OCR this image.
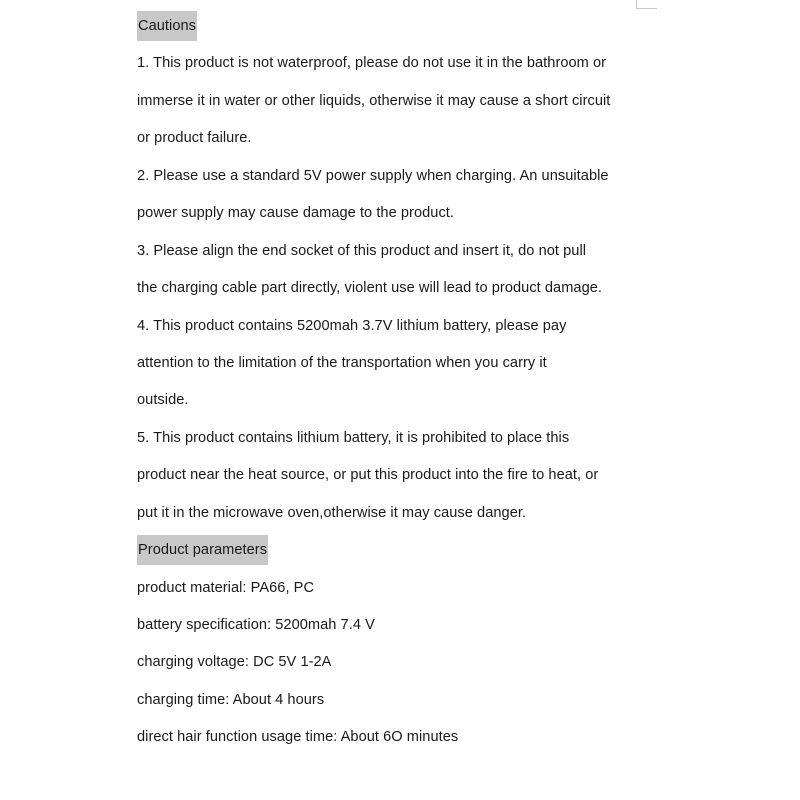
Cautions
1. This product is not waterproof, please do not use it in the bathroom or
immerse it in water or other liquids, otherwise it may cause a short circuit
or product failure.
2. Please use a standard 5V power supply when charging. An unsuitable
power supply may cause damage to the product.
3. Please align the end socket of this product and insert it, do not pull
the charging cable part directly, violent use will lead to product damage.
4. This product contains 5200mah 3.7V lithium battery, please pay
attention to the limitation of the transportation when you carry it
outside.
5. This product contains lithium battery, it is prohibited to place this
product near the heat source, or put this product into the fire to heat, or
put it in the microwave oven,otherwise it may cause danger.
Product parameters
product material: PA66, PC
battery specification: 5200mah 7.4 V
charging voltage: DC 5V 1-2A
charging time: About 4 hours
direct hair function usage time: About 6O minutes
